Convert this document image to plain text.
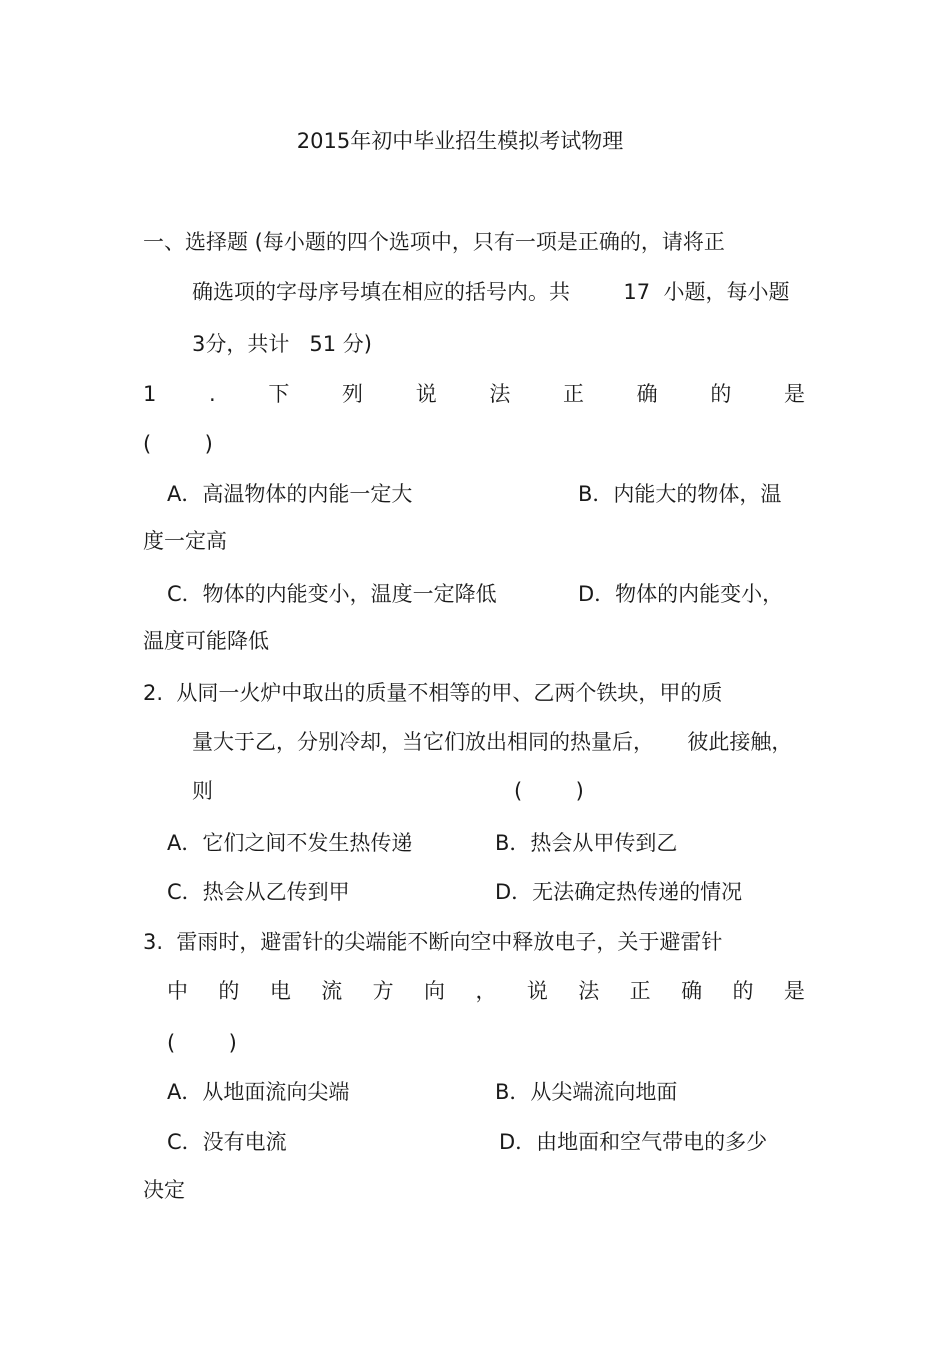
2015年初中毕业招生模拟考试物理
一、选择题 (每小题的四个选项中，只有一项是正确的，请将正
确选项的字母序号填在相应的括号内。共        17  小题，每小题
3分，共计   51 分)
1	.	下	列	说	法	正	确	的	是
(        )
A．高温物体的内能一定大	B．内能大的物体，温
度一定高
C．物体的内能变小，温度一定降低	D．物体的内能变小，
温度可能降低
2.  从同一火炉中取出的质量不相等的甲、乙两个铁块，甲的质
量大于乙，分别冷却，当它们放出相同的热量后，     彼此接触，
则	(        )
A．它们之间不发生热传递	B．热会从甲传到乙
C．热会从乙传到甲	D．无法确定热传递的情况
3.  雷雨时，避雷针的尖端能不断向空中释放电子，关于避雷针
中 的 电 流 方 向 ， 说 法 正 确 的 是
(        )
A．从地面流向尖端	B．从尖端流向地面
C．没有电流	D．由地面和空气带电的多少
决定
